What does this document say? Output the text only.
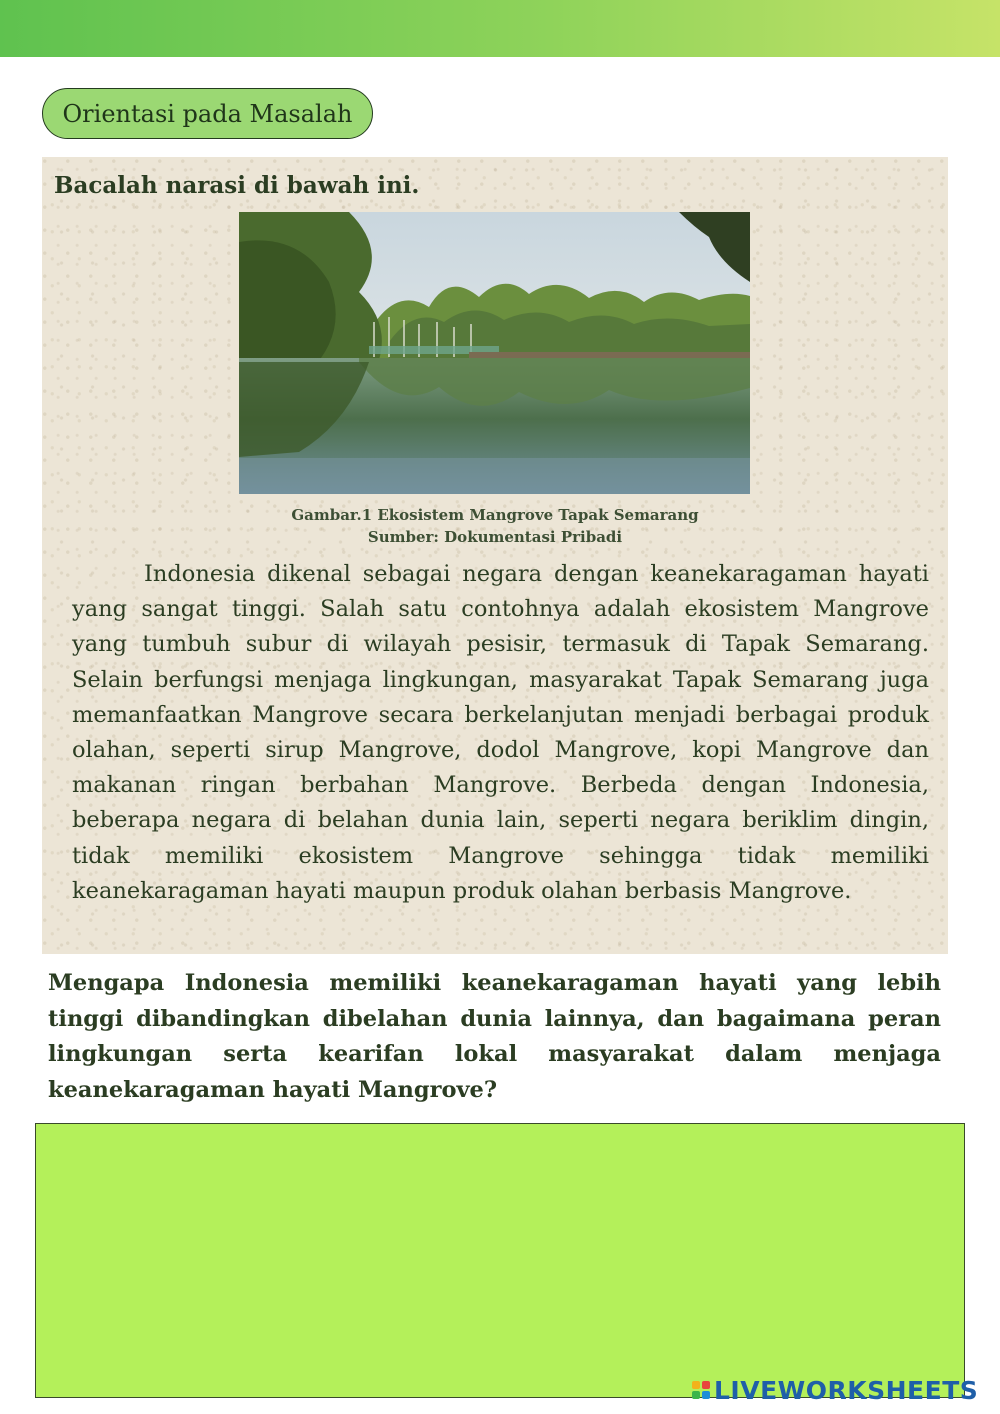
Orientasi pada Masalah
Bacalah narasi di bawah ini.
Gambar.1 Ekosistem Mangrove Tapak Semarang
Sumber: Dokumentasi Pribadi

Indonesia dikenal sebagai negara dengan keanekaragaman hayati yang sangat tinggi. Salah satu contohnya adalah ekosistem Mangrove yang tumbuh subur di wilayah pesisir, termasuk di Tapak Semarang. Selain berfungsi menjaga lingkungan, masyarakat Tapak Semarang juga memanfaatkan Mangrove secara berkelanjutan menjadi berbagai produk olahan, seperti sirup Mangrove, dodol Mangrove, kopi Mangrove dan makanan ringan berbahan Mangrove. Berbeda dengan Indonesia, beberapa negara di belahan dunia lain, seperti negara beriklim dingin, tidak memiliki ekosistem Mangrove sehingga tidak memiliki keanekaragaman hayati maupun produk olahan berbasis Mangrove.

Mengapa Indonesia memiliki keanekaragaman hayati yang lebih tinggi dibandingkan dibelahan dunia lainnya, dan bagaimana peran lingkungan serta kearifan lokal masyarakat dalam menjaga keanekaragaman hayati Mangrove?

LIVEWORKSHEETS
